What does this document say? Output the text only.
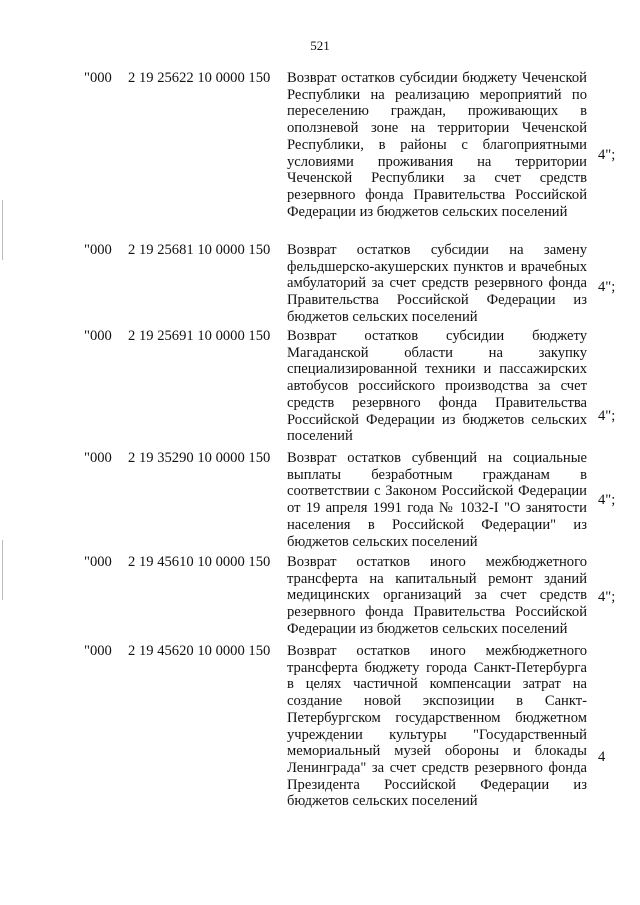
521
"000 2 19 25622 10 0000 150 Возврат остатков субсидии бюджету Чеченской Республики на реализацию мероприятий по переселению граждан, проживающих в оползневой зоне на территории Чеченской Республики, в районы с благоприятными условиями проживания на территории Чеченской Республики за счет средств резервного фонда Правительства Российской Федерации из бюджетов сельских поселений
4";
"000 2 19 25681 10 0000 150 Возврат остатков субсидии на замену фельдшерско-акушерских пунктов и врачебных амбулаторий за счет средств резервного фонда Правительства Российской Федерации из бюджетов сельских поселений
4";
"000 2 19 25691 10 0000 150 Возврат остатков субсидии бюджету Магаданской области на закупку специализированной техники и пассажирских автобусов российского производства за счет средств резервного фонда Правительства Российской Федерации из бюджетов сельских поселений
4";
"000 2 19 35290 10 0000 150 Возврат остатков субвенций на социальные выплаты безработным гражданам в соответствии с Законом Российской Федерации от 19 апреля 1991 года № 1032-I "О занятости населения в Российской Федерации" из бюджетов сельских поселений
4";
"000 2 19 45610 10 0000 150 Возврат остатков иного межбюджетного трансферта на капитальный ремонт зданий медицинских организаций за счет средств резервного фонда Правительства Российской Федерации из бюджетов сельских поселений
4";
"000 2 19 45620 10 0000 150 Возврат остатков иного межбюджетного трансферта бюджету города Санкт-Петербурга в целях частичной компенсации затрат на создание новой экспозиции в Санкт-Петербургском государственном бюджетном учреждении культуры "Государственный мемориальный музей обороны и блокады Ленинграда" за счет средств резервного фонда Президента Российской Федерации из бюджетов сельских поселений
4
